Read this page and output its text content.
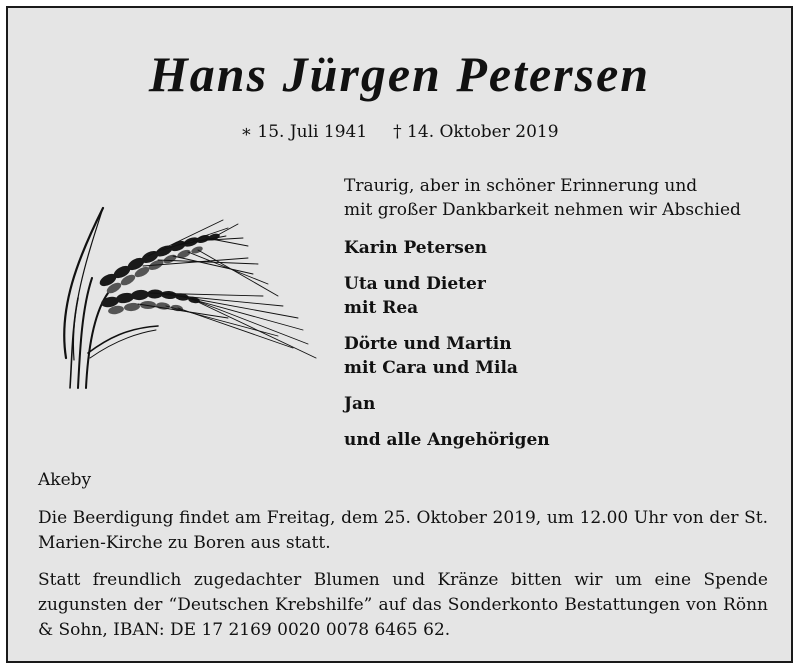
Hans Jürgen Petersen
∗ 15. Juli 1941 † 14. Oktober 2019
Traurig, aber in schöner Erinnerung und
mit großer Dankbarkeit nehmen wir Abschied
Karin Petersen
Uta und Dieter
mit Rea
Dörte und Martin
mit Cara und Mila
Jan
und alle Angehörigen
Akeby
Die Beerdigung findet am Freitag, dem 25. Oktober 2019, um 12.00 Uhr von der St. Marien-Kirche zu Boren aus statt.
Statt freundlich zugedachter Blumen und Kränze bitten wir um eine Spende zugunsten der “Deutschen Krebshilfe” auf das Sonderkonto Bestattungen von Rönn & Sohn, IBAN: DE 17 2169 0020 0078 6465 62.
